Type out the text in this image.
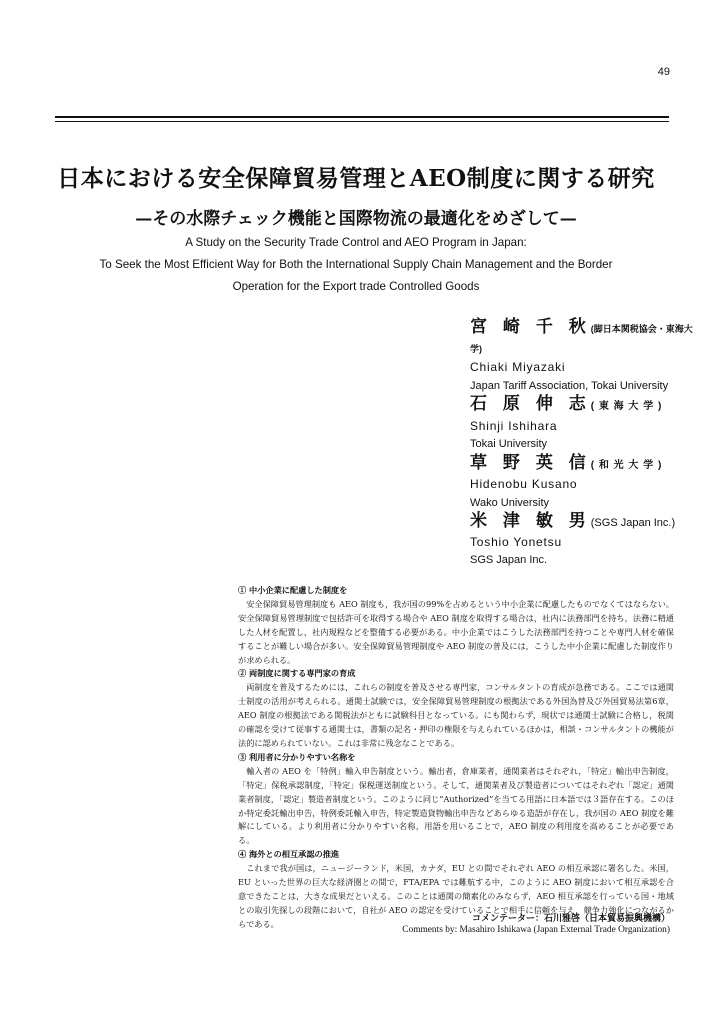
49
日本における安全保障貿易管理とAEO制度に関する研究
—その水際チェック機能と国際物流の最適化をめざして—
A Study on the Security Trade Control and AEO Program in Japan:
To Seek the Most Efficient Way for Both the International Supply Chain Management and the Border
Operation for the Export trade Controlled Goods
宮 崎 千 秋(脚日本関税協会・東海大学)
Chiaki Miyazaki
Japan Tariff Association, Tokai University
石 原 伸 志( 東 海 大 学 )
Shinji Ishihara
Tokai University
草 野 英 信( 和 光 大 学 )
Hidenobu Kusano
Wako University
米 津 敏 男(SGS Japan Inc.)
Toshio Yonetsu
SGS Japan Inc.
① 中小企業に配慮した制度を
安全保障貿易管理制度も AEO 制度も，我が国の99%を占めるという中小企業に配慮したものでなくてはならない。安全保障貿易管理制度で包括許可を取得する場合や AEO 制度を取得する場合は，社内に法務部門を持ち，法務に精通した人材を配置し，社内規程などを整備する必要がある。中小企業ではこうした法務部門を持つことや専門人材を確保することが難しい場合が多い。安全保障貿易管理制度や AEO 制度の普及には，こうした中小企業に配慮した制度作りが求められる。
② 両制度に関する専門家の育成
両制度を普及するためには，これらの制度を普及させる専門家，コンサルタントの育成が急務である。ここでは通関士制度の活用が考えられる。通関士試験では，安全保障貿易管理制度の根拠法である外国為替及び外国貿易法第6章，AEO 制度の根拠法である関税法がともに試験科目となっている。にも関わらず，現状では通関士試験に合格し，税関の確認を受けて従事する通関士は，書類の記名・押印の権限を与えられているほかは，相談・コンサルタントの機能が法的に認められていない。これは非常に残念なことである。
③ 利用者に分かりやすい名称を
輸入者の AEO を「特例」輸入申告制度という。輸出者，倉庫業者，通関業者はそれぞれ，「特定」輸出申告制度，「特定」保税承認制度，「特定」保税運送制度という。そして，通関業者及び製造者についてはそれぞれ「認定」通関業者制度，「認定」製造者制度という。このように同じ“Authorized”を当てる用語に日本語では３語存在する。このほか特定委託輸出申告，特例委託輸入申告，特定製造貨物輸出申告などあらゆる造語が存在し，我が国の AEO 制度を難解にしている。より利用者に分かりやすい名称，用語を用いることで，AEO 制度の利用度を高めることが必要である。
④ 海外との相互承認の推進
これまで我が国は，ニュージーランド，米国，カナダ，EU との間でそれぞれ AEO の相互承認に署名した。米国，EU といった世界の巨大な経済圏との間で，FTA/EPA では難航する中，このように AEO 制度において相互承認を合意できたことは，大きな成果だといえる。このことは通関の簡素化のみならず，AEO 相互承認を行っている国・地域との取引先探しの段階において，自社が AEO の認定を受けていることで相手に信頼を与え，競争力強化につながるからである。	コメンテーター：石川雅啓（日本貿易振興機構）
Comments by: Masahiro Ishikawa (Japan External Trade Organization)
